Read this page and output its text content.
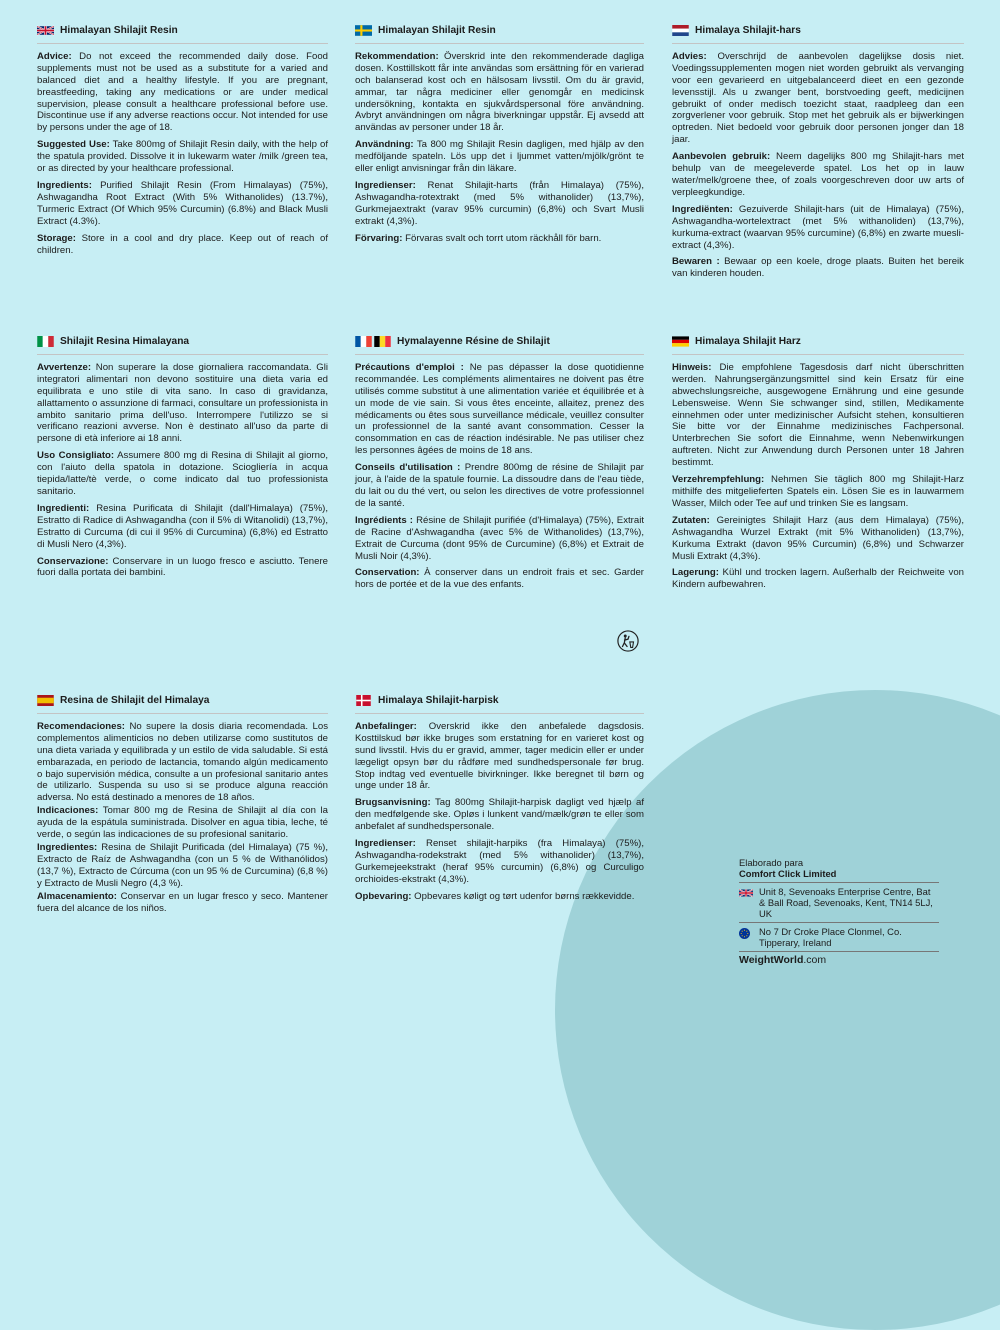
Himalayan Shilajit Resin

Advice: Do not exceed the recommended daily dose. Food supplements must not be used as a substitute for a varied and balanced diet and a healthy lifestyle. If you are pregnant, breastfeeding, taking any medications or are under medical supervision, please consult a healthcare professional before use. Discontinue use if any adverse reactions occur. Not intended for use by persons under the age of 18.

Suggested Use: Take 800mg of Shilajit Resin daily, with the help of the spatula provided. Dissolve it in lukewarm water /milk /green tea, or as directed by your healthcare professional.

Ingredients: Purified Shilajit Resin (From Himalayas) (75%), Ashwagandha Root Extract (With 5% Withanolides) (13.7%), Turmeric Extract (Of Which 95% Curcumin) (6.8%) and Black Musli Extract (4.3%).

Storage: Store in a cool and dry place. Keep out of reach of children.

Himalayan Shilajit Resin

Rekommendation: Överskrid inte den rekommenderade dagliga dosen. Kosttillskott får inte användas som ersättning för en varierad och balanserad kost och en hälsosam livsstil. Om du är gravid, ammar, tar några mediciner eller genomgår en medicinsk undersökning, kontakta en sjukvårdspersonal före användning. Avbryt användningen om några biverkningar uppstår. Ej avsedd att användas av personer under 18 år.

Användning: Ta 800 mg Shilajit Resin dagligen, med hjälp av den medföljande spateln. Lös upp det i ljummet vatten/mjölk/grönt te eller enligt anvisningar från din läkare.

Ingredienser: Renat Shilajit-harts (från Himalaya) (75%), Ashwagandha-rotextrakt (med 5% withanolider) (13,7%), Gurkmejaextrakt (varav 95% curcumin) (6,8%) och Svart Musli extrakt (4,3%).

Förvaring: Förvaras svalt och torrt utom räckhåll för barn.

Himalaya Shilajit-hars

Advies: Overschrijd de aanbevolen dagelijkse dosis niet. Voedingssupplementen mogen niet worden gebruikt als vervanging voor een gevarieerd en uitgebalanceerd dieet en een gezonde levensstijl. Als u zwanger bent, borstvoeding geeft, medicijnen gebruikt of onder medisch toezicht staat, raadpleeg dan een zorgverlener voor gebruik. Stop met het gebruik als er bijwerkingen optreden. Niet bedoeld voor gebruik door personen jonger dan 18 jaar.

Aanbevolen gebruik: Neem dagelijks 800 mg Shilajit-hars met behulp van de meegeleverde spatel. Los het op in lauw water/melk/groene thee, of zoals voorgeschreven door uw arts of verpleegkundige.

Ingrediënten: Gezuiverde Shilajit-hars (uit de Himalaya) (75%), Ashwagandha-wortelextract (met 5% withanoliden) (13,7%), kurkuma-extract (waarvan 95% curcumine) (6,8%) en zwarte muesli-extract (4,3%).

Bewaren : Bewaar op een koele, droge plaats. Buiten het bereik van kinderen houden.

Shilajit Resina Himalayana

Avvertenze: Non superare la dose giornaliera raccomandata. Gli integratori alimentari non devono sostituire una dieta varia ed equilibrata e uno stile di vita sano. In caso di gravidanza, allattamento o assunzione di farmaci, consultare un professionista in ambito sanitario prima dell'uso. Interrompere l'utilizzo se si verificano reazioni avverse. Non è destinato all'uso da parte di persone di età inferiore ai 18 anni.

Uso Consigliato: Assumere 800 mg di Resina di Shilajit al giorno, con l'aiuto della spatola in dotazione. Sciogliería in acqua tiepida/latte/tè verde, o come indicato dal tuo professionista sanitario.

Ingredienti: Resina Purificata di Shilajit (dall'Himalaya) (75%), Estratto di Radice di Ashwagandha (con il 5% di Witanolidi) (13,7%), Estratto di Curcuma (di cui il 95% di Curcumina) (6,8%) ed Estratto di Musli Nero (4,3%).

Conservazione: Conservare in un luogo fresco e asciutto. Tenere fuori dalla portata dei bambini.

Hymalayenne Résine de Shilajit

Précautions d'emploi : Ne pas dépasser la dose quotidienne recommandée. Les compléments alimentaires ne doivent pas être utilisés comme substitut à une alimentation variée et équilibrée et à un mode de vie sain. Si vous êtes enceinte, allaitez, prenez des médicaments ou êtes sous surveillance médicale, veuillez consulter un professionnel de la santé avant consommation. Cesser la consommation en cas de réaction indésirable. Ne pas utiliser chez les personnes âgées de moins de 18 ans.

Conseils d'utilisation : Prendre 800mg de résine de Shilajit par jour, à l'aide de la spatule fournie. La dissoudre dans de l'eau tiède, du lait ou du thé vert, ou selon les directives de votre professionnel de la santé.

Ingrédients : Résine de Shilajit purifiée (d'Himalaya) (75%), Extrait de Racine d'Ashwagandha (avec 5% de Withanolides) (13,7%), Extrait de Curcuma (dont 95% de Curcumine) (6,8%) et Extrait de Musli Noir (4,3%).

Conservation: À conserver dans un endroit frais et sec. Garder hors de portée et de la vue des enfants.

Himalaya Shilajit Harz

Hinweis: Die empfohlene Tagesdosis darf nicht überschritten werden. Nahrungsergänzungsmittel sind kein Ersatz für eine abwechslungsreiche, ausgewogene Ernährung und eine gesunde Lebensweise. Wenn Sie schwanger sind, stillen, Medikamente einnehmen oder unter medizinischer Aufsicht stehen, konsultieren Sie bitte vor der Einnahme medizinisches Fachpersonal. Unterbrechen Sie sofort die Einnahme, wenn Nebenwirkungen auftreten. Nicht zur Anwendung durch Personen unter 18 Jahren bestimmt.

Verzehrempfehlung: Nehmen Sie täglich 800 mg Shilajit-Harz mithilfe des mitgelieferten Spatels ein. Lösen Sie es in lauwarmem Wasser, Milch oder Tee auf und trinken Sie es langsam.

Zutaten: Gereinigtes Shilajit Harz (aus dem Himalaya) (75%), Ashwagandha Wurzel Extrakt (mit 5% Withanoliden) (13,7%), Kurkuma Extrakt (davon 95% Curcumin) (6,8%) und Schwarzer Musli Extrakt (4,3%).

Lagerung: Kühl und trocken lagern. Außerhalb der Reichweite von Kindern aufbewahren.

Resina de Shilajit del Himalaya

Recomendaciones: No supere la dosis diaria recomendada. Los complementos alimenticios no deben utilizarse como sustitutos de una dieta variada y equilibrada y un estilo de vida saludable. Si está embarazada, en periodo de lactancia, tomando algún medicamento o bajo supervisión médica, consulte a un profesional sanitario antes de utilizarlo. Suspenda su uso si se produce alguna reacción adversa. No está destinado a menores de 18 años.

Indicaciones: Tomar 800 mg de Resina de Shilajit al día con la ayuda de la espátula suministrada. Disolver en agua tibia, leche, té verde, o según las indicaciones de su profesional sanitario.

Ingredientes: Resina de Shilajit Purificada (del Himalaya) (75 %), Extracto de Raíz de Ashwagandha (con un 5 % de Withanólidos) (13,7 %), Extracto de Cúrcuma (con un 95 % de Curcumina) (6,8 %) y Extracto de Musli Negro (4,3 %).

Almacenamiento: Conservar en un lugar fresco y seco. Mantener fuera del alcance de los niños.

Himalaya Shilajit-harpisk

Anbefalinger: Overskrid ikke den anbefalede dagsdosis. Kosttilskud bør ikke bruges som erstatning for en varieret kost og sund livsstil. Hvis du er gravid, ammer, tager medicin eller er under lægeligt opsyn bør du rådføre med sundhedspersonale før brug. Stop indtag ved eventuelle bivirkninger. Ikke beregnet til børn og unge under 18 år.

Brugsanvisning: Tag 800mg Shilajit-harpisk dagligt ved hjælp af den medfølgende ske. Opløs i lunkent vand/mælk/grøn te eller som anbefalet af sundhedspersonale.

Ingredienser: Renset shilajit-harpiks (fra Himalaya) (75%), Ashwagandha-rodekstrakt (med 5% withanolider) (13,7%), Gurkemejeekstrakt (heraf 95% curcumin) (6,8%) og Curculigo orchioides-ekstrakt (4,3%).

Opbevaring: Opbevares køligt og tørt udenfor børns rækkevidde.

Elaborado para
Comfort Click Limited
Unit 8, Sevenoaks Enterprise Centre, Bat & Ball Road, Sevenoaks, Kent, TN14 5LJ, UK
No 7 Dr Croke Place Clonmel, Co. Tipperary, Ireland
WeightWorld.com
